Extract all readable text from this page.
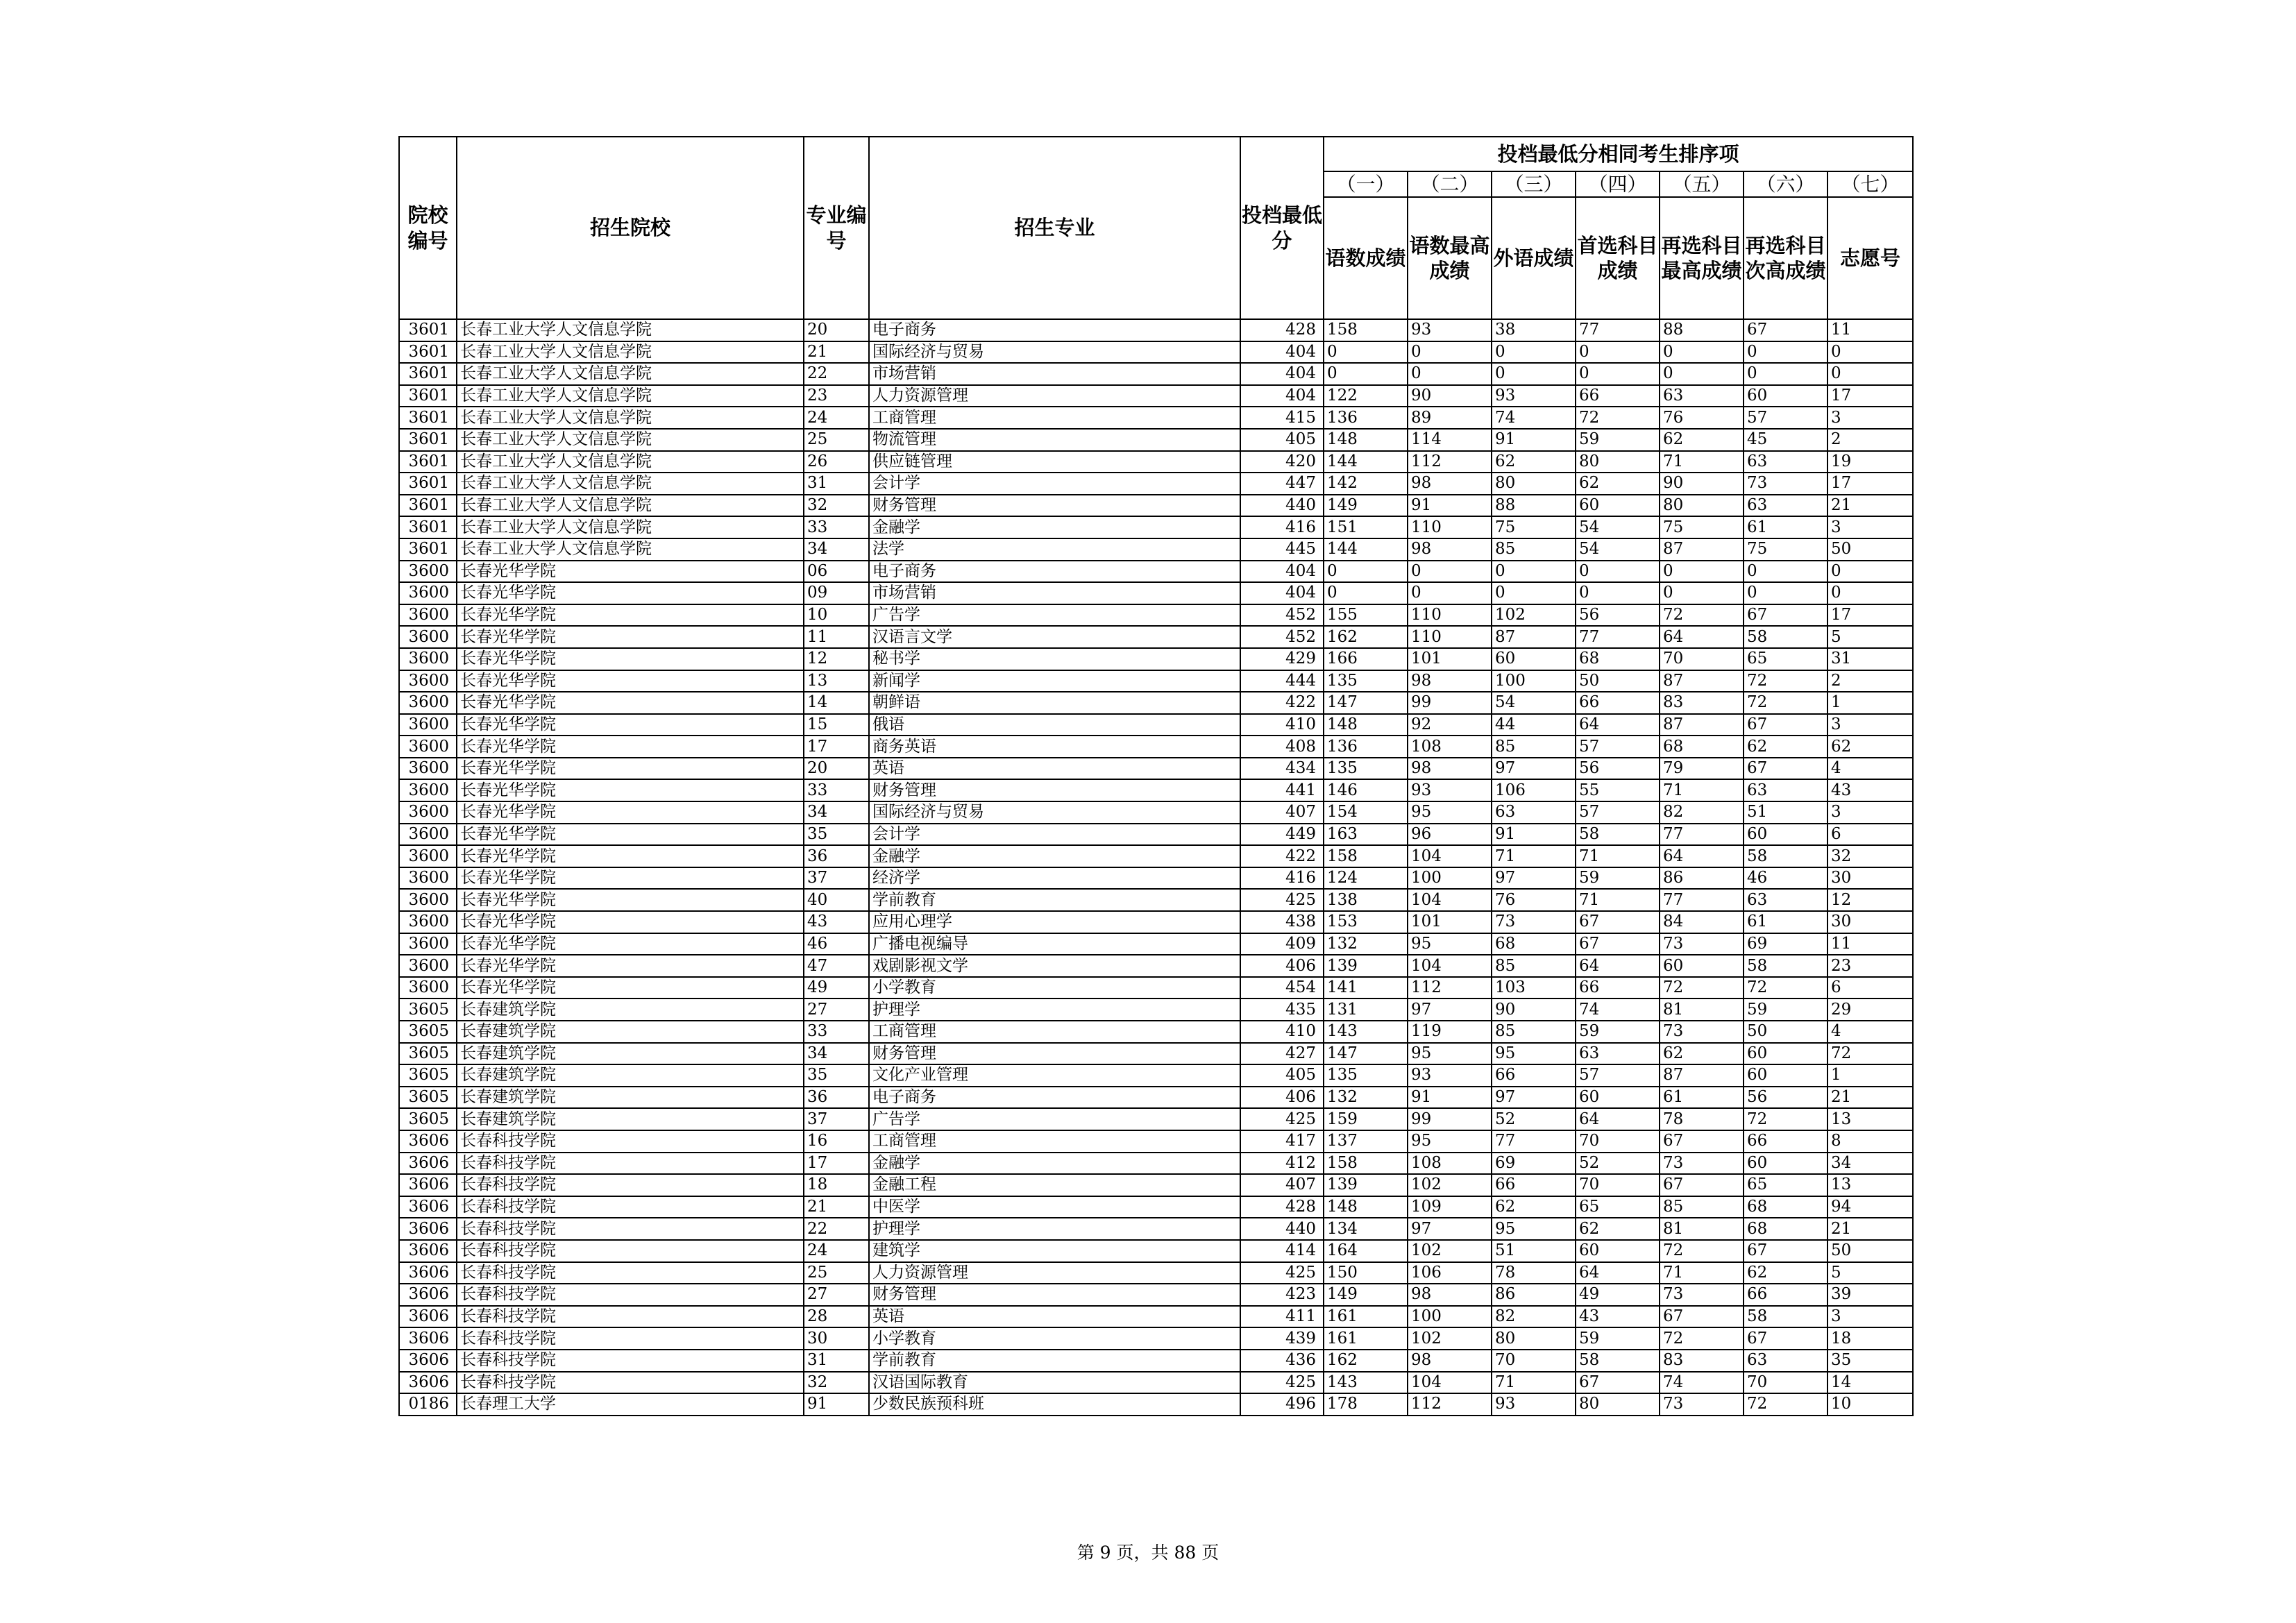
院校编号	招生院校	专业编号	招生专业	投档最低分	投档最低分相同考生排序项						
					（一）	（二）	（三）	（四）	（五）	（六）	（七）
					语数成绩	语数最高成绩	外语成绩	首选科目成绩	再选科目最高成绩	再选科目次高成绩	志愿号
3601	长春工业大学人文信息学院	20	电子商务	428	158	93	38	77	88	67	11
3601	长春工业大学人文信息学院	21	国际经济与贸易	404	0	0	0	0	0	0	0
3601	长春工业大学人文信息学院	22	市场营销	404	0	0	0	0	0	0	0
3601	长春工业大学人文信息学院	23	人力资源管理	404	122	90	93	66	63	60	17
3601	长春工业大学人文信息学院	24	工商管理	415	136	89	74	72	76	57	3
3601	长春工业大学人文信息学院	25	物流管理	405	148	114	91	59	62	45	2
3601	长春工业大学人文信息学院	26	供应链管理	420	144	112	62	80	71	63	19
3601	长春工业大学人文信息学院	31	会计学	447	142	98	80	62	90	73	17
3601	长春工业大学人文信息学院	32	财务管理	440	149	91	88	60	80	63	21
3601	长春工业大学人文信息学院	33	金融学	416	151	110	75	54	75	61	3
3601	长春工业大学人文信息学院	34	法学	445	144	98	85	54	87	75	50
3600	长春光华学院	06	电子商务	404	0	0	0	0	0	0	0
3600	长春光华学院	09	市场营销	404	0	0	0	0	0	0	0
3600	长春光华学院	10	广告学	452	155	110	102	56	72	67	17
3600	长春光华学院	11	汉语言文学	452	162	110	87	77	64	58	5
3600	长春光华学院	12	秘书学	429	166	101	60	68	70	65	31
3600	长春光华学院	13	新闻学	444	135	98	100	50	87	72	2
3600	长春光华学院	14	朝鲜语	422	147	99	54	66	83	72	1
3600	长春光华学院	15	俄语	410	148	92	44	64	87	67	3
3600	长春光华学院	17	商务英语	408	136	108	85	57	68	62	62
3600	长春光华学院	20	英语	434	135	98	97	56	79	67	4
3600	长春光华学院	33	财务管理	441	146	93	106	55	71	63	43
3600	长春光华学院	34	国际经济与贸易	407	154	95	63	57	82	51	3
3600	长春光华学院	35	会计学	449	163	96	91	58	77	60	6
3600	长春光华学院	36	金融学	422	158	104	71	71	64	58	32
3600	长春光华学院	37	经济学	416	124	100	97	59	86	46	30
3600	长春光华学院	40	学前教育	425	138	104	76	71	77	63	12
3600	长春光华学院	43	应用心理学	438	153	101	73	67	84	61	30
3600	长春光华学院	46	广播电视编导	409	132	95	68	67	73	69	11
3600	长春光华学院	47	戏剧影视文学	406	139	104	85	64	60	58	23
3600	长春光华学院	49	小学教育	454	141	112	103	66	72	72	6
3605	长春建筑学院	27	护理学	435	131	97	90	74	81	59	29
3605	长春建筑学院	33	工商管理	410	143	119	85	59	73	50	4
3605	长春建筑学院	34	财务管理	427	147	95	95	63	62	60	72
3605	长春建筑学院	35	文化产业管理	405	135	93	66	57	87	60	1
3605	长春建筑学院	36	电子商务	406	132	91	97	60	61	56	21
3605	长春建筑学院	37	广告学	425	159	99	52	64	78	72	13
3606	长春科技学院	16	工商管理	417	137	95	77	70	67	66	8
3606	长春科技学院	17	金融学	412	158	108	69	52	73	60	34
3606	长春科技学院	18	金融工程	407	139	102	66	70	67	65	13
3606	长春科技学院	21	中医学	428	148	109	62	65	85	68	94
3606	长春科技学院	22	护理学	440	134	97	95	62	81	68	21
3606	长春科技学院	24	建筑学	414	164	102	51	60	72	67	50
3606	长春科技学院	25	人力资源管理	425	150	106	78	64	71	62	5
3606	长春科技学院	27	财务管理	423	149	98	86	49	73	66	39
3606	长春科技学院	28	英语	411	161	100	82	43	67	58	3
3606	长春科技学院	30	小学教育	439	161	102	80	59	72	67	18
3606	长春科技学院	31	学前教育	436	162	98	70	58	83	63	35
3606	长春科技学院	32	汉语国际教育	425	143	104	71	67	74	70	14
0186	长春理工大学	91	少数民族预科班	496	178	112	93	80	73	72	10
第 9 页，共 88 页
